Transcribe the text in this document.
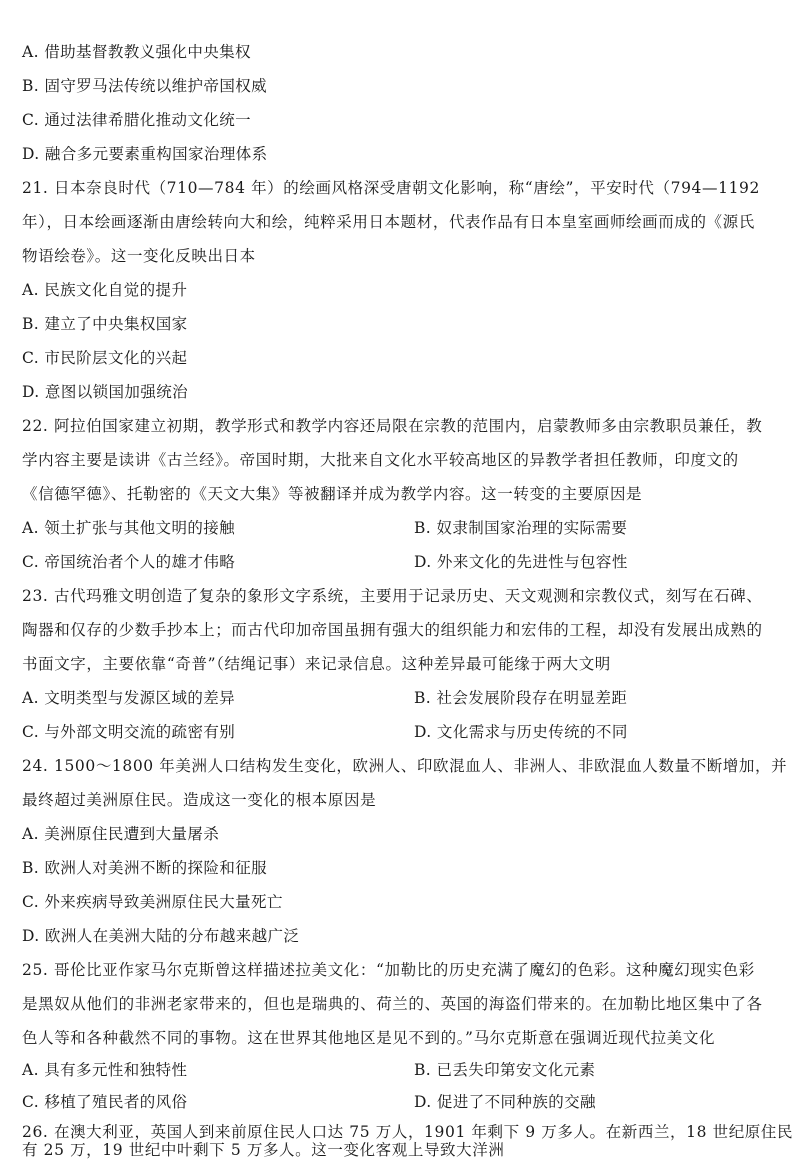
A. 借助基督教教义强化中央集权
B. 固守罗马法传统以维护帝国权威
C. 通过法律希腊化推动文化统一
D. 融合多元要素重构国家治理体系
21. 日本奈良时代（710—784 年）的绘画风格深受唐朝文化影响，称“唐绘”，平安时代（794—1192
年），日本绘画逐渐由唐绘转向大和绘，纯粹采用日本题材，代表作品有日本皇室画师绘画而成的《源氏
物语绘卷》。这一变化反映出日本
A. 民族文化自觉的提升
B. 建立了中央集权国家
C. 市民阶层文化的兴起
D. 意图以锁国加强统治
22. 阿拉伯国家建立初期，教学形式和教学内容还局限在宗教的范围内，启蒙教师多由宗教职员兼任，教
学内容主要是读讲《古兰经》。帝国时期，大批来自文化水平较高地区的异教学者担任教师，印度文的
《信德罕德》、托勒密的《天文大集》等被翻译并成为教学内容。这一转变的主要原因是
A. 领土扩张与其他文明的接触	B. 奴隶制国家治理的实际需要
C. 帝国统治者个人的雄才伟略	D. 外来文化的先进性与包容性
23. 古代玛雅文明创造了复杂的象形文字系统，主要用于记录历史、天文观测和宗教仪式，刻写在石碑、
陶器和仅存的少数手抄本上；而古代印加帝国虽拥有强大的组织能力和宏伟的工程，却没有发展出成熟的
书面文字，主要依靠“奇普”（结绳记事）来记录信息。这种差异最可能缘于两大文明
A. 文明类型与发源区域的差异	B. 社会发展阶段存在明显差距
C. 与外部文明交流的疏密有别	D. 文化需求与历史传统的不同
24. 1500～1800 年美洲人口结构发生变化，欧洲人、印欧混血人、非洲人、非欧混血人数量不断增加，并
最终超过美洲原住民。造成这一变化的根本原因是
A. 美洲原住民遭到大量屠杀
B. 欧洲人对美洲不断的探险和征服
C. 外来疾病导致美洲原住民大量死亡
D. 欧洲人在美洲大陆的分布越来越广泛
25. 哥伦比亚作家马尔克斯曾这样描述拉美文化：“加勒比的历史充满了魔幻的色彩。这种魔幻现实色彩
是黑奴从他们的非洲老家带来的，但也是瑞典的、荷兰的、英国的海盗们带来的。在加勒比地区集中了各
色人等和各种截然不同的事物。这在世界其他地区是见不到的。”马尔克斯意在强调近现代拉美文化
A. 具有多元性和独特性	B. 已丢失印第安文化元素
C. 移植了殖民者的风俗	D. 促进了不同种族的交融
26. 在澳大利亚，英国人到来前原住民人口达 75 万人，1901 年剩下 9 万多人。在新西兰，18 世纪原住民
有 25 万，19 世纪中叶剩下 5 万多人。这一变化客观上导致大洋洲
